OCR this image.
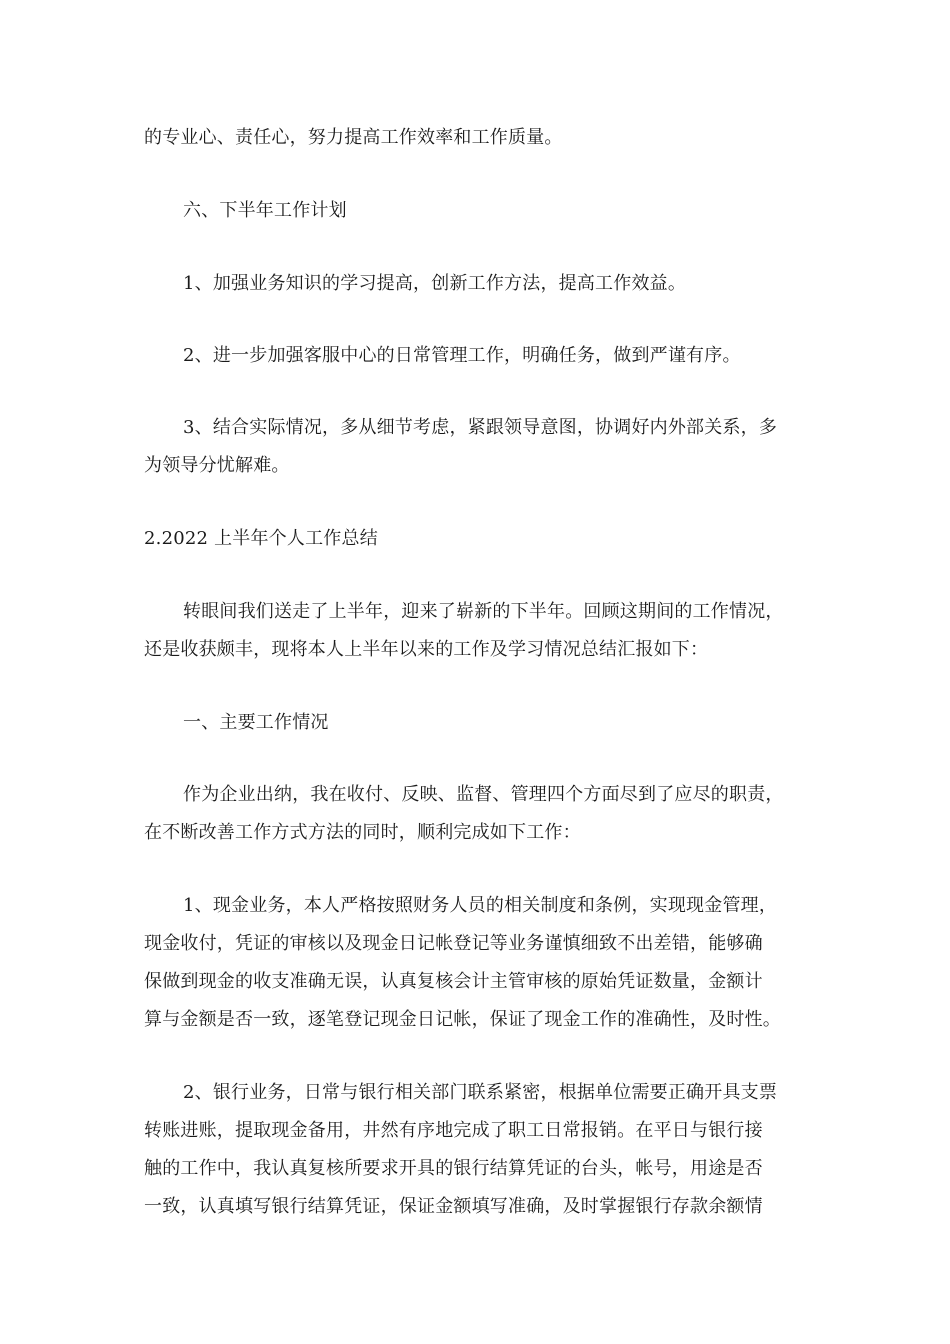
的专业心、责任心，努力提高工作效率和工作质量。
六、下半年工作计划
1、加强业务知识的学习提高，创新工作方法，提高工作效益。
2、进一步加强客服中心的日常管理工作，明确任务，做到严谨有序。
3、结合实际情况，多从细节考虑，紧跟领导意图，协调好内外部关系，多
为领导分忧解难。
2.2022 上半年个人工作总结
转眼间我们送走了上半年，迎来了崭新的下半年。回顾这期间的工作情况，
还是收获颇丰，现将本人上半年以来的工作及学习情况总结汇报如下：
一、主要工作情况
作为企业出纳，我在收付、反映、监督、管理四个方面尽到了应尽的职责，
在不断改善工作方式方法的同时，顺利完成如下工作：
1、现金业务，本人严格按照财务人员的相关制度和条例，实现现金管理，
现金收付，凭证的审核以及现金日记帐登记等业务谨慎细致不出差错，能够确
保做到现金的收支准确无误，认真复核会计主管审核的原始凭证数量，金额计
算与金额是否一致，逐笔登记现金日记帐，保证了现金工作的准确性，及时性。
2、银行业务，日常与银行相关部门联系紧密，根据单位需要正确开具支票
转账进账，提取现金备用，井然有序地完成了职工日常报销。在平日与银行接
触的工作中，我认真复核所要求开具的银行结算凭证的台头，帐号，用途是否
一致，认真填写银行结算凭证，保证金额填写准确，及时掌握银行存款余额情
